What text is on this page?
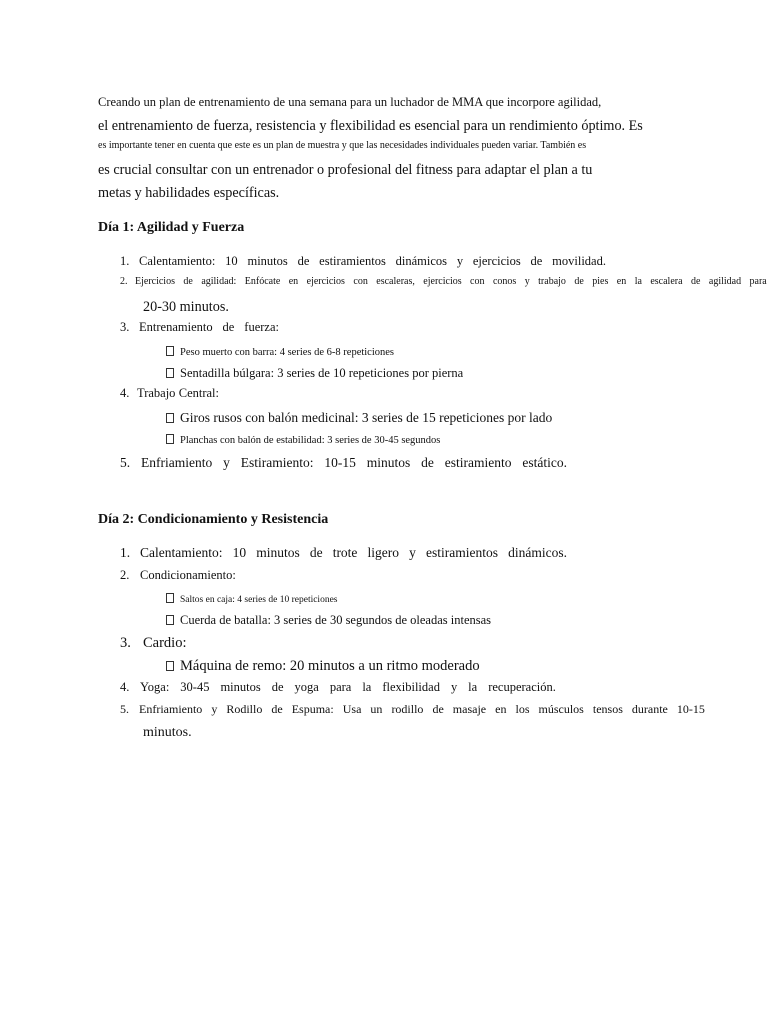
Creando un plan de entrenamiento de una semana para un luchador de MMA que incorpore agilidad,
el entrenamiento de fuerza, resistencia y flexibilidad es esencial para un rendimiento óptimo. Es
es importante tener en cuenta que este es un plan de muestra y que las necesidades individuales pueden variar. También es
es crucial consultar con un entrenador o profesional del fitness para adaptar el plan a tu
metas y habilidades específicas.
Día 1: Agilidad y Fuerza
1. Calentamiento: 10 minutos de estiramientos dinámicos y ejercicios de movilidad.
2. Ejercicios de agilidad: Enfócate en ejercicios con escaleras, ejercicios con conos y trabajo de pies en la escalera de agilidad para
20-30 minutos.
3. Entrenamiento de fuerza:
Peso muerto con barra: 4 series de 6-8 repeticiones
Sentadilla búlgara: 3 series de 10 repeticiones por pierna
4. Trabajo Central:
Giros rusos con balón medicinal: 3 series de 15 repeticiones por lado
Planchas con balón de estabilidad: 3 series de 30-45 segundos
5. Enfriamiento y Estiramiento: 10-15 minutos de estiramiento estático.
Día 2: Condicionamiento y Resistencia
1. Calentamiento: 10 minutos de trote ligero y estiramientos dinámicos.
2. Condicionamiento:
Saltos en caja: 4 series de 10 repeticiones
Cuerda de batalla: 3 series de 30 segundos de oleadas intensas
3. Cardio:
Máquina de remo: 20 minutos a un ritmo moderado
4. Yoga: 30-45 minutos de yoga para la flexibilidad y la recuperación.
5. Enfriamiento y Rodillo de Espuma: Usa un rodillo de masaje en los músculos tensos durante 10-15
minutos.
